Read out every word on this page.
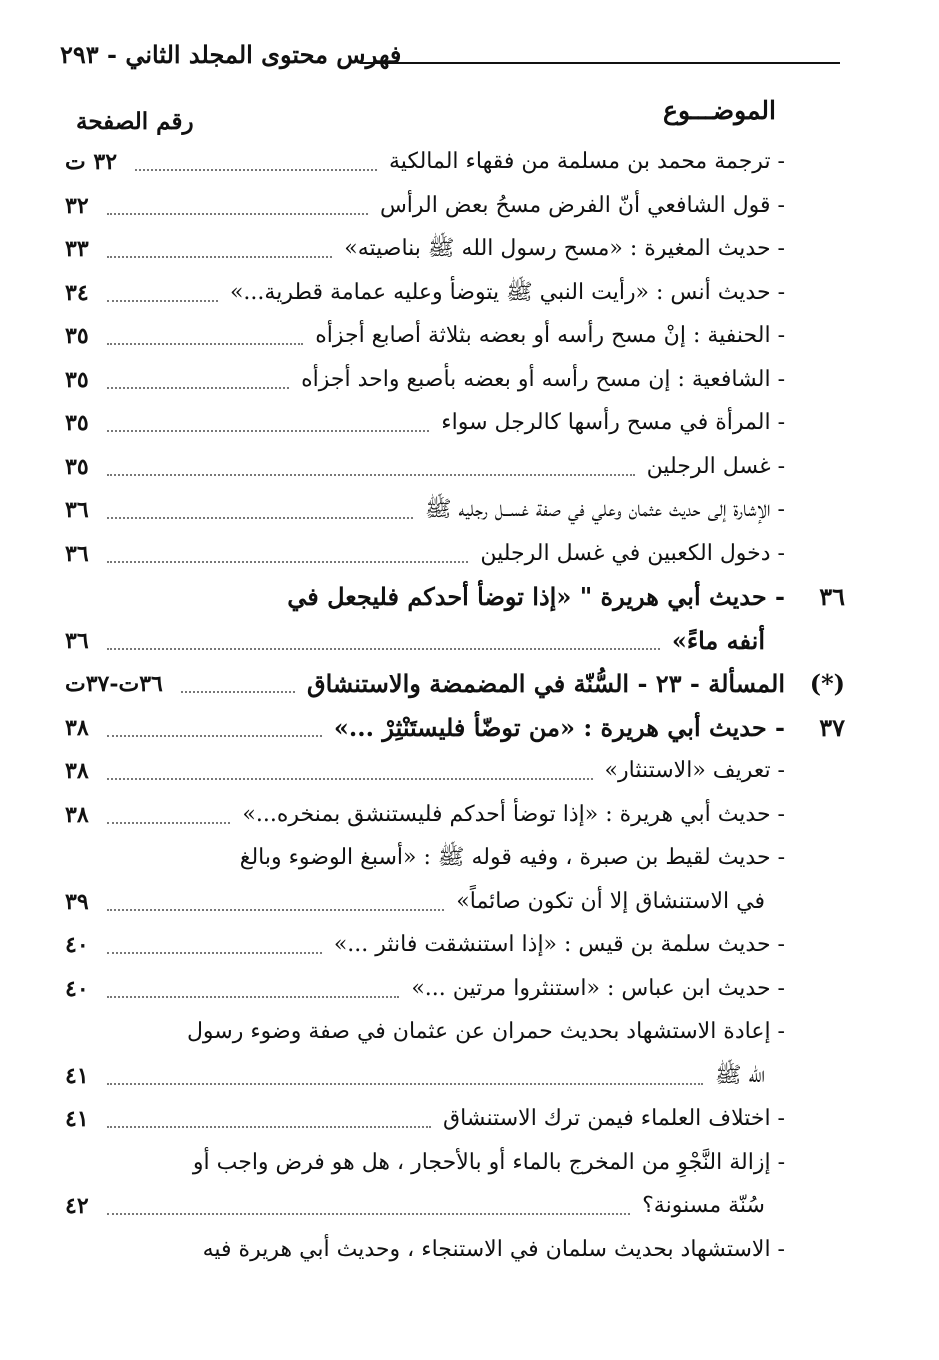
فهرس محتوى المجلد الثاني - ٢٩٣
الموضـــوع
رقم الصفحة
- ترجمة محمد بن مسلمة من فقهاء المالكية
٣٢ ت
- قول الشافعي أنّ الفرض مسحُ بعض الرأس
٣٢
- حديث المغيرة : «مسح رسول الله ﷺ بناصيته»
٣٣
- حديث أنس : «رأيت النبي ﷺ يتوضأ وعليه عمامة قطرية...»
٣٤
- الحنفية : إنْ مسح رأسه أو بعضه بثلاثة أصابع أجزأه
٣٥
- الشافعية : إن مسح رأسه أو بعضه بأصبع واحد أجزأه
٣٥
- المرأة في مسح رأسها كالرجل سواء
٣٥
- غسل الرجلين
٣٥
- الإشارة إلى حديث عثمان وعلي في صفة غســل رجليه ﷺ
٣٦
- دخول الكعبين في غسل الرجلين
٣٦
٣٦
- حديث أبي هريرة " «إذا توضأ أحدكم فليجعل في
أنفه ماءً»
٣٦
(*)
المسألة - ٢٣ - السُّنّة في المضمضة والاستنشاق
٣٦ت-٣٧ت
٣٧
- حديث أبي هريرة : «من توضّأ فليستَنْثِرْ ...»
٣٨
- تعريف «الاستنثار»
٣٨
- حديث أبي هريرة : «إذا توضأ أحدكم فليستنشق بمنخره...»
٣٨
- حديث لقيط بن صبرة ، وفيه قوله ﷺ : «أسبغ الوضوء وبالغ
في الاستنشاق إلا أن تكون صائماً»
٣٩
- حديث سلمة بن قيس : «إذا استنشقت فانثر ...»
٤٠
- حديث ابن عباس : «استنثروا مرتين ...»
٤٠
- إعادة الاستشهاد بحديث حمران عن عثمان في صفة وضوء رسول
الله ﷺ
٤١
- اختلاف العلماء فيمن ترك الاستنشاق
٤١
- إزالة النَّجْوِ من المخرج بالماء أو بالأحجار ، هل هو فرض واجب أو
سُنّة مسنونة؟
٤٢
- الاستشهاد بحديث سلمان في الاستنجاء ، وحديث أبي هريرة فيه
